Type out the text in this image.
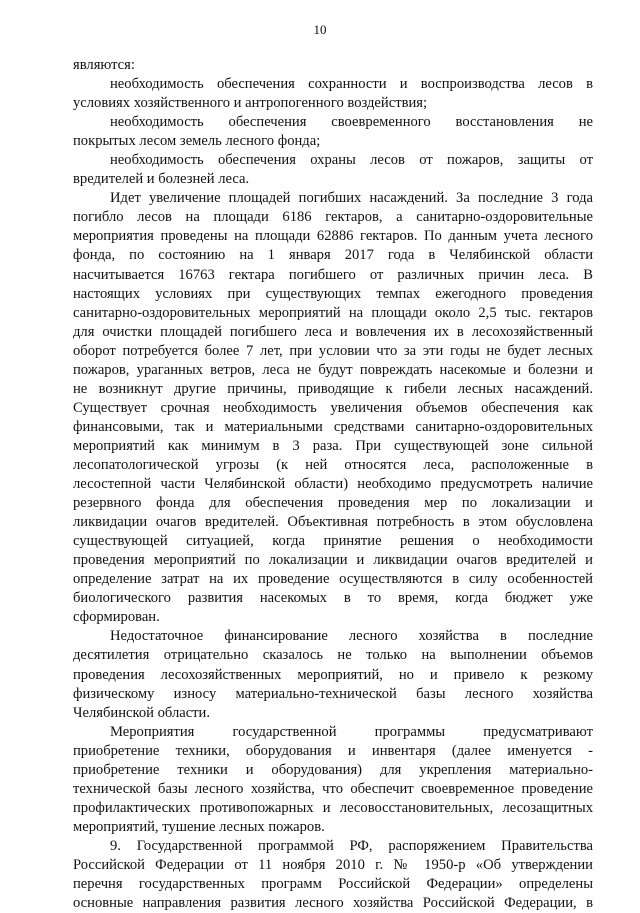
10
являются:
необходимость обеспечения сохранности и воспроизводства лесов в
условиях хозяйственного и антропогенного воздействия;
необходимость обеспечения своевременного восстановления не
покрытых лесом земель лесного фонда;
необходимость обеспечения охраны лесов от пожаров, защиты от
вредителей и болезней леса.
Идет увеличение площадей погибших насаждений. За последние 3 года
погибло лесов на площади 6186 гектаров, а санитарно-оздоровительные
мероприятия проведены на площади 62886 гектаров. По данным учета лесного
фонда, по состоянию на 1 января 2017 года в Челябинской области
насчитывается 16763 гектара погибшего от различных причин леса. В
настоящих условиях при существующих темпах ежегодного проведения
санитарно-оздоровительных мероприятий на площади около 2,5 тыс. гектаров
для очистки площадей погибшего леса и вовлечения их в лесохозяйственный
оборот потребуется более 7 лет, при условии что за эти годы не будет лесных
пожаров, ураганных ветров, леса не будут повреждать насекомые и болезни и
не возникнут другие причины, приводящие к гибели лесных насаждений.
Существует срочная необходимость увеличения объемов обеспечения как
финансовыми, так и материальными средствами санитарно-оздоровительных
мероприятий как минимум в 3 раза. При существующей зоне сильной
лесопатологической угрозы (к ней относятся леса, расположенные в
лесостепной части Челябинской области) необходимо предусмотреть наличие
резервного фонда для обеспечения проведения мер по локализации и
ликвидации очагов вредителей. Объективная потребность в этом обусловлена
существующей ситуацией, когда принятие решения о необходимости
проведения мероприятий по локализации и ликвидации очагов вредителей и
определение затрат на их проведение осуществляются в силу особенностей
биологического развития насекомых в то время, когда бюджет уже
сформирован.
Недостаточное финансирование лесного хозяйства в последние
десятилетия отрицательно сказалось не только на выполнении объемов
проведения лесохозяйственных мероприятий, но и привело к резкому
физическому износу материально-технической базы лесного хозяйства
Челябинской области.
Мероприятия государственной программы предусматривают
приобретение техники, оборудования и инвентаря (далее именуется -
приобретение техники и оборудования) для укрепления материально-
технической базы лесного хозяйства, что обеспечит своевременное проведение
профилактических противопожарных и лесовосстановительных, лесозащитных
мероприятий, тушение лесных пожаров.
9. Государственной программой РФ, распоряжением Правительства
Российской Федерации от 11 ноября 2010 г. № 1950-р «Об утверждении
перечня государственных программ Российской Федерации» определены
основные направления развития лесного хозяйства Российской Федерации, в
